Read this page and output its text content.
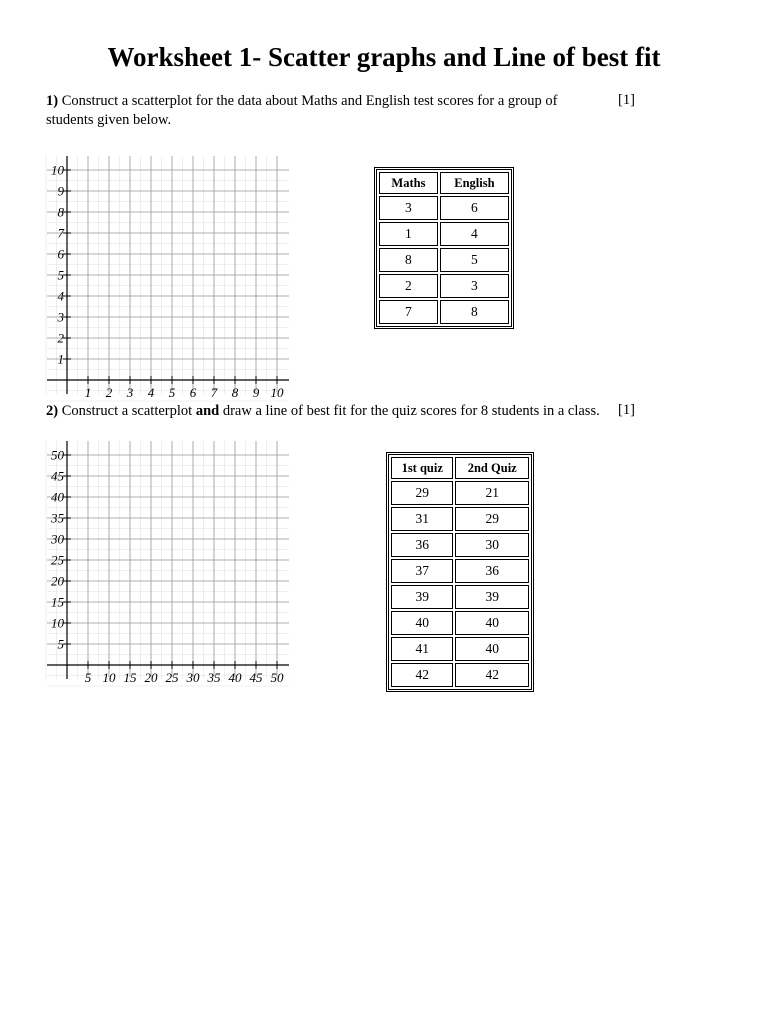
Worksheet 1- Scatter graphs and Line of best fit
1) Construct a scatterplot for the data about Maths and English test scores for a group of students given below.
[1]
1 2 3 4 5 6 7 8 9 10
1
2
3
4
5
6
7
8
9
10
Maths	English
3	6
1	4
8	5
2	3
7	8
2) Construct a scatterplot and draw a line of best fit for the quiz scores for 8 students in a class.	[1]
5 10 15 20 25 30 35 40 45 50
5
10
15
20
25
30
35
40
45
50
1st quiz	2nd Quiz
29	21
31	29
36	30
37	36
39	39
40	40
41	40
42	42
